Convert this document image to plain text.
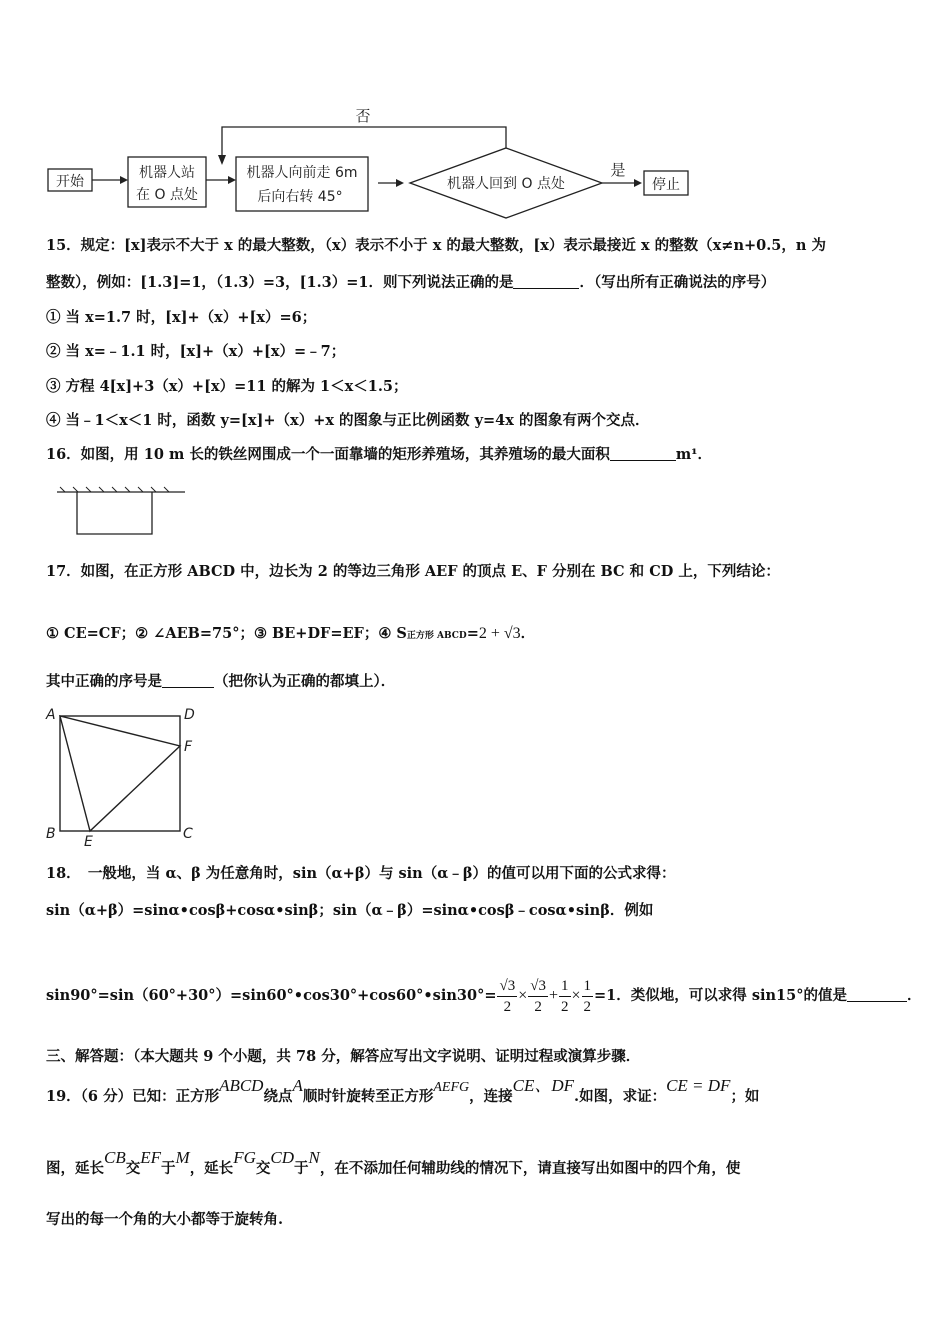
否
开始
机器人站
在 O 点处
机器人向前走 6m
后向右转 45°
机器人回到 O 点处
是
停止
15．规定：[x]表示不大于 x 的最大整数，（x）表示不小于 x 的最大整数，[x）表示最接近 x 的整数（x≠n+0.5，n 为
整数），例如：[1.3]=1，（1.3）=3，[1.3）=1．则下列说法正确的是	．（写出所有正确说法的序号）
① 当 x=1.7 时，[x]+（x）+[x）=6；
② 当 x=﹣1.1 时，[x]+（x）+[x）=﹣7；
③ 方程 4[x]+3（x）+[x）=11 的解为 1＜x＜1.5；
④ 当﹣1＜x＜1 时，函数 y=[x]+（x）+x 的图象与正比例函数 y=4x 的图象有两个交点．
16．如图，用 10 m 长的铁丝网围成一个一面靠墙的矩形养殖场，其养殖场的最大面积	m¹．
17．如图，在正方形 ABCD 中，边长为 2 的等边三角形 AEF 的顶点 E、F 分别在 BC 和 CD 上，下列结论：
① CE=CF；② ∠AEB=75°；③ BE+DF=EF；④ S正方形 ABCD=2 + √3．
其中正确的序号是	（把你认为正确的都填上）．
A	D
F
B E	C
18．　一般地，当 α、β 为任意角时，sin（α+β）与 sin（α﹣β）的值可以用下面的公式求得：
sin（α+β）=sinα•cosβ+cosα•sinβ；sin（α﹣β）=sinα•cosβ﹣cosα•sinβ．例如
sin90°=sin（60°+30°）=sin60°•cos30°+cos60°•sin30°= $\frac{√3}{2} \times \frac{√3}{2} + \frac{1}{2} \times \frac{1}{2} =1$．类似地，可以求得 sin15°的值是	．
三、解答题：（本大题共 9 个小题，共 78 分，解答应写出文字说明、证明过程或演算步骤．
19．（6 分）已知：正方形ABCD绕点A顺时针旋转至正方形AEFG，连接CE、DF.如图，求证：CE = DF；如
图，延长CB交EF于M，延长FG交CD于N，在不添加任何辅助线的情况下，请直接写出如图中的四个角，使
写出的每一个角的大小都等于旋转角.
